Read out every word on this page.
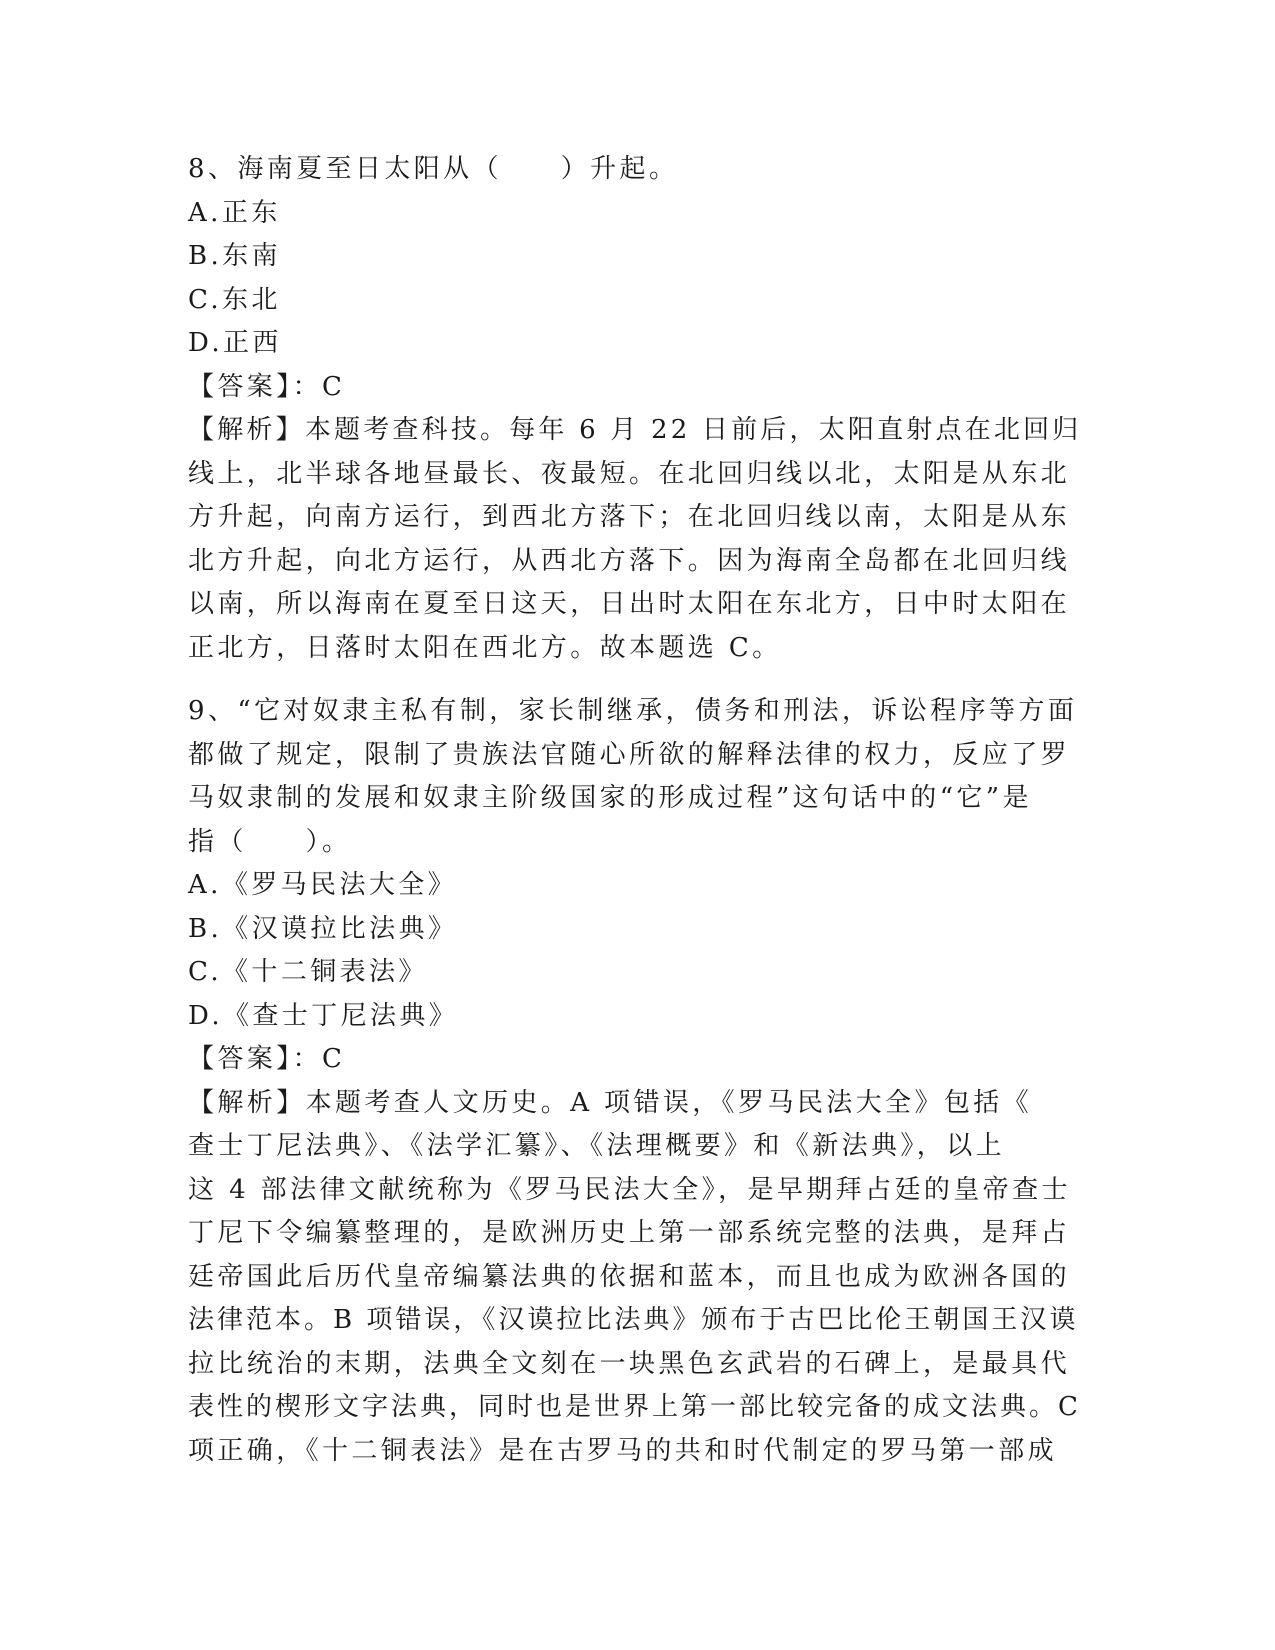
8、海南夏至日太阳从（　　）升起。
A.正东
B.东南
C.东北
D.正西
【答案】：C
【解析】本题考查科技。每年 6 月 22 日前后，太阳直射点在北回归
线上，北半球各地昼最长、夜最短。在北回归线以北，太阳是从东北
方升起，向南方运行，到西北方落下；在北回归线以南，太阳是从东
北方升起，向北方运行，从西北方落下。因为海南全岛都在北回归线
以南，所以海南在夏至日这天，日出时太阳在东北方，日中时太阳在
正北方，日落时太阳在西北方。故本题选 C。
9、“它对奴隶主私有制，家长制继承，债务和刑法，诉讼程序等方面
都做了规定，限制了贵族法官随心所欲的解释法律的权力，反应了罗
马奴隶制的发展和奴隶主阶级国家的形成过程”这句话中的“它”是
指（　　）。
A.《罗马民法大全》
B.《汉谟拉比法典》
C.《十二铜表法》
D.《查士丁尼法典》
【答案】：C
【解析】本题考查人文历史。A 项错误，《罗马民法大全》包括《
查士丁尼法典》、《法学汇纂》、《法理概要》和《新法典》，以上
这 4 部法律文献统称为《罗马民法大全》，是早期拜占廷的皇帝查士
丁尼下令编纂整理的，是欧洲历史上第一部系统完整的法典，是拜占
廷帝国此后历代皇帝编纂法典的依据和蓝本，而且也成为欧洲各国的
法律范本。B 项错误，《汉谟拉比法典》颁布于古巴比伦王朝国王汉谟
拉比统治的末期，法典全文刻在一块黑色玄武岩的石碑上，是最具代
表性的楔形文字法典，同时也是世界上第一部比较完备的成文法典。C
项正确，《十二铜表法》是在古罗马的共和时代制定的罗马第一部成
